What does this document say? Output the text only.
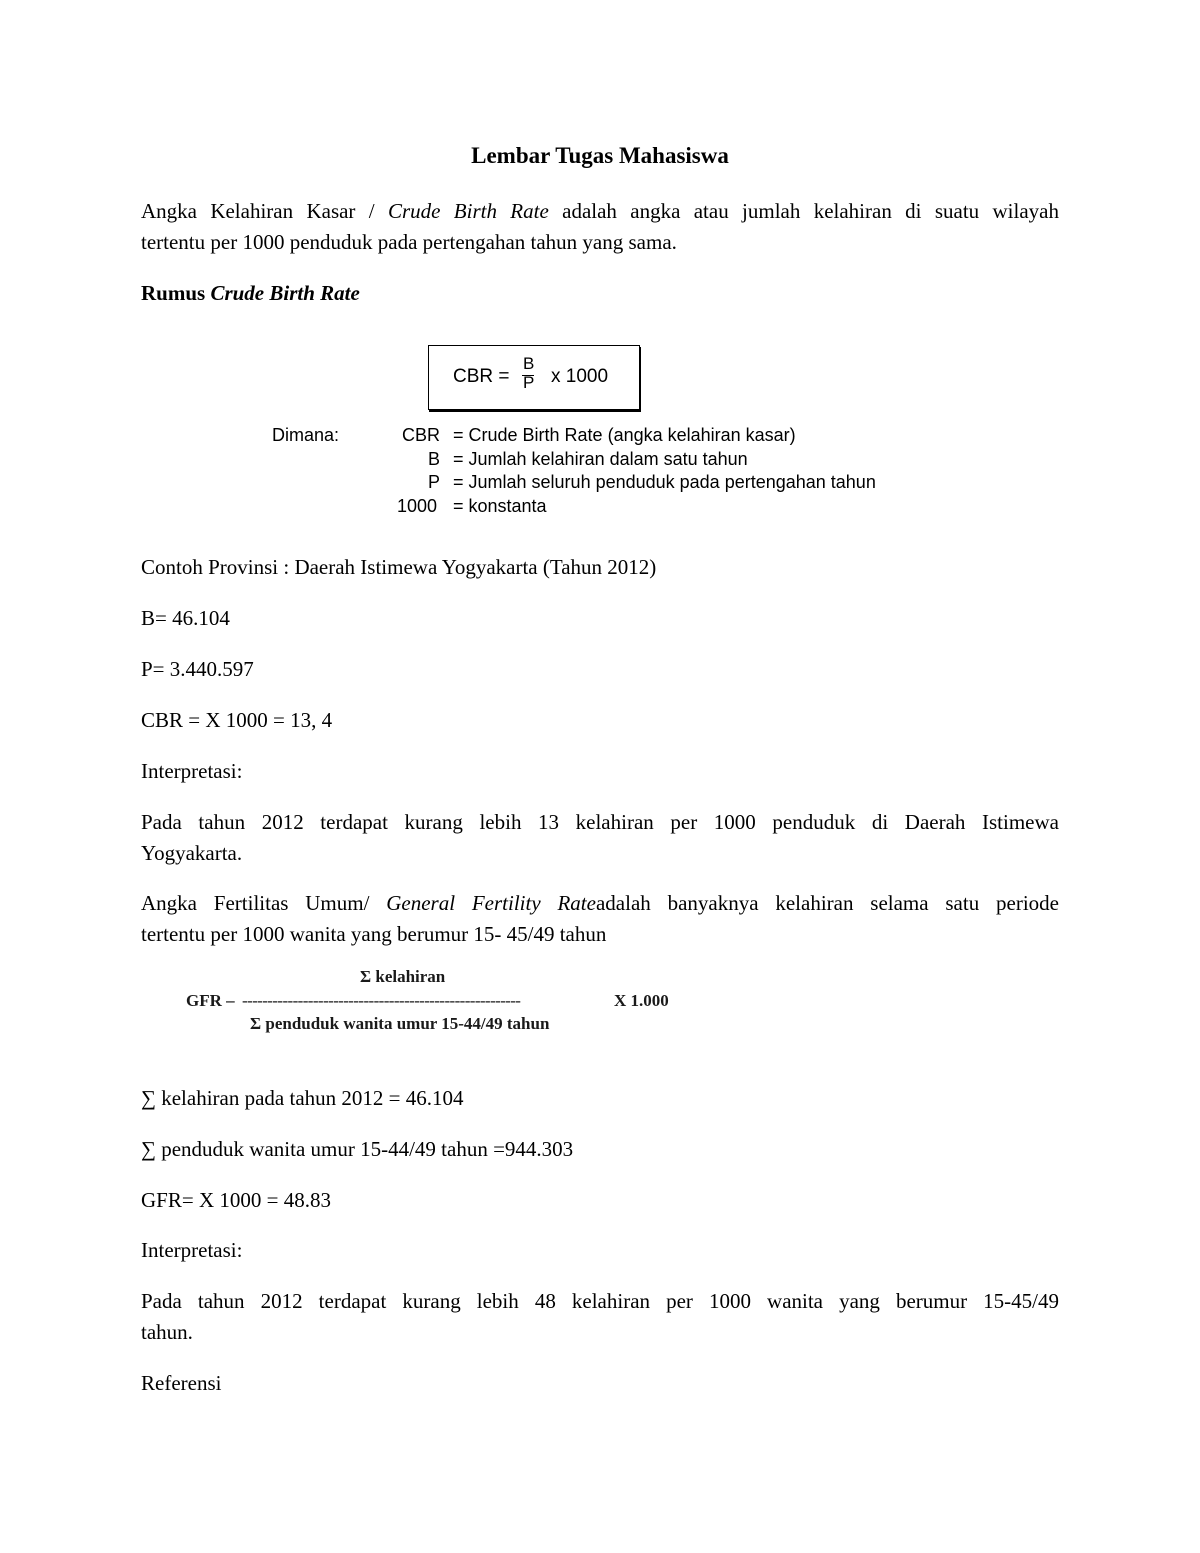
Lembar Tugas Mahasiswa
Angka Kelahiran Kasar / Crude Birth Rate adalah angka atau jumlah kelahiran di suatu wilayah
tertentu per 1000 penduduk pada pertengahan tahun yang sama.
Rumus Crude Birth Rate
CBR =
B
P x 1000
Dimana:	CBR = Crude Birth Rate (angka kelahiran kasar)
B = Jumlah kelahiran dalam satu tahun
P = Jumlah seluruh penduduk pada pertengahan tahun
1000 = konstanta
Contoh Provinsi : Daerah Istimewa Yogyakarta (Tahun 2012)
B= 46.104
P= 3.440.597
CBR = X 1000 = 13, 4
Interpretasi:
Pada tahun 2012 terdapat kurang lebih 13 kelahiran per 1000 penduduk di Daerah Istimewa
Yogyakarta.
Angka Fertilitas Umum/ General Fertility Rateadalah banyaknya kelahiran selama satu periode
tertentu per 1000 wanita yang berumur 15- 45/49 tahun
Σ kelahiran
GFR – -------------------------------------------------------	X 1.000
Σ penduduk wanita umur 15-44/49 tahun
∑ kelahiran pada tahun 2012 = 46.104
∑ penduduk wanita umur 15-44/49 tahun =944.303
GFR= X 1000 = 48.83
Interpretasi:
Pada tahun 2012 terdapat kurang lebih 48 kelahiran per 1000 wanita yang berumur 15-45/49
tahun.
Referensi
